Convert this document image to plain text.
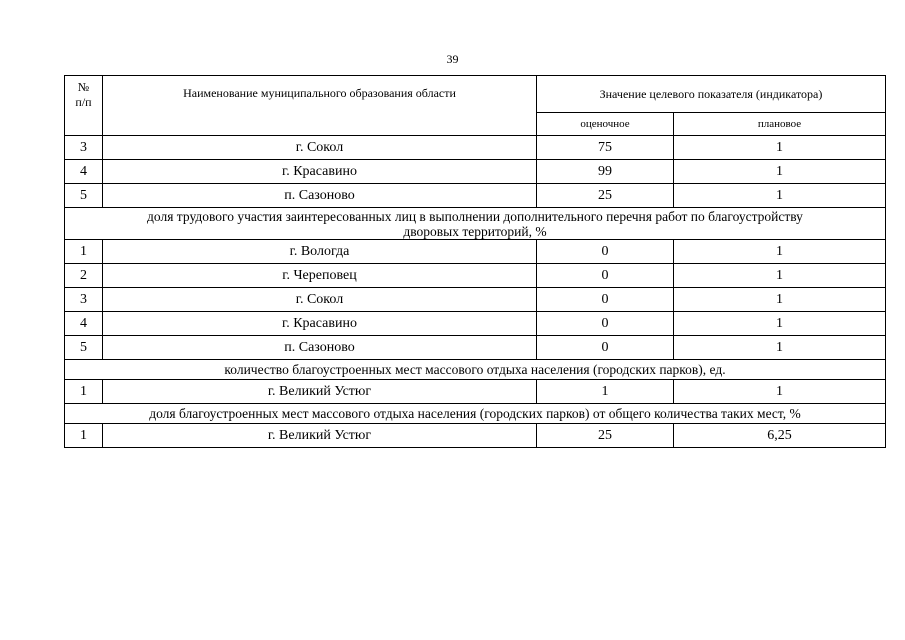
39
№
п/п	Наименование муниципального образования области	Значение целевого показателя (индикатора)	
		оценочное	плановое
3	г. Сокол	75	1
4	г. Красавино	99	1
5	п. Сазоново	25	1
доля трудового участия заинтересованных лиц в выполнении дополнительного перечня работ по благоустройству
дворовых территорий, %			
1	г. Вологда	0	1
2	г. Череповец	0	1
3	г. Сокол	0	1
4	г. Красавино	0	1
5	п. Сазоново	0	1
количество благоустроенных мест массового отдыха населения (городских парков), ед.			
1	г. Великий Устюг	1	1
доля благоустроенных мест массового отдыха населения (городских парков) от общего количества таких мест, %			
1	г. Великий Устюг	25	6,25
